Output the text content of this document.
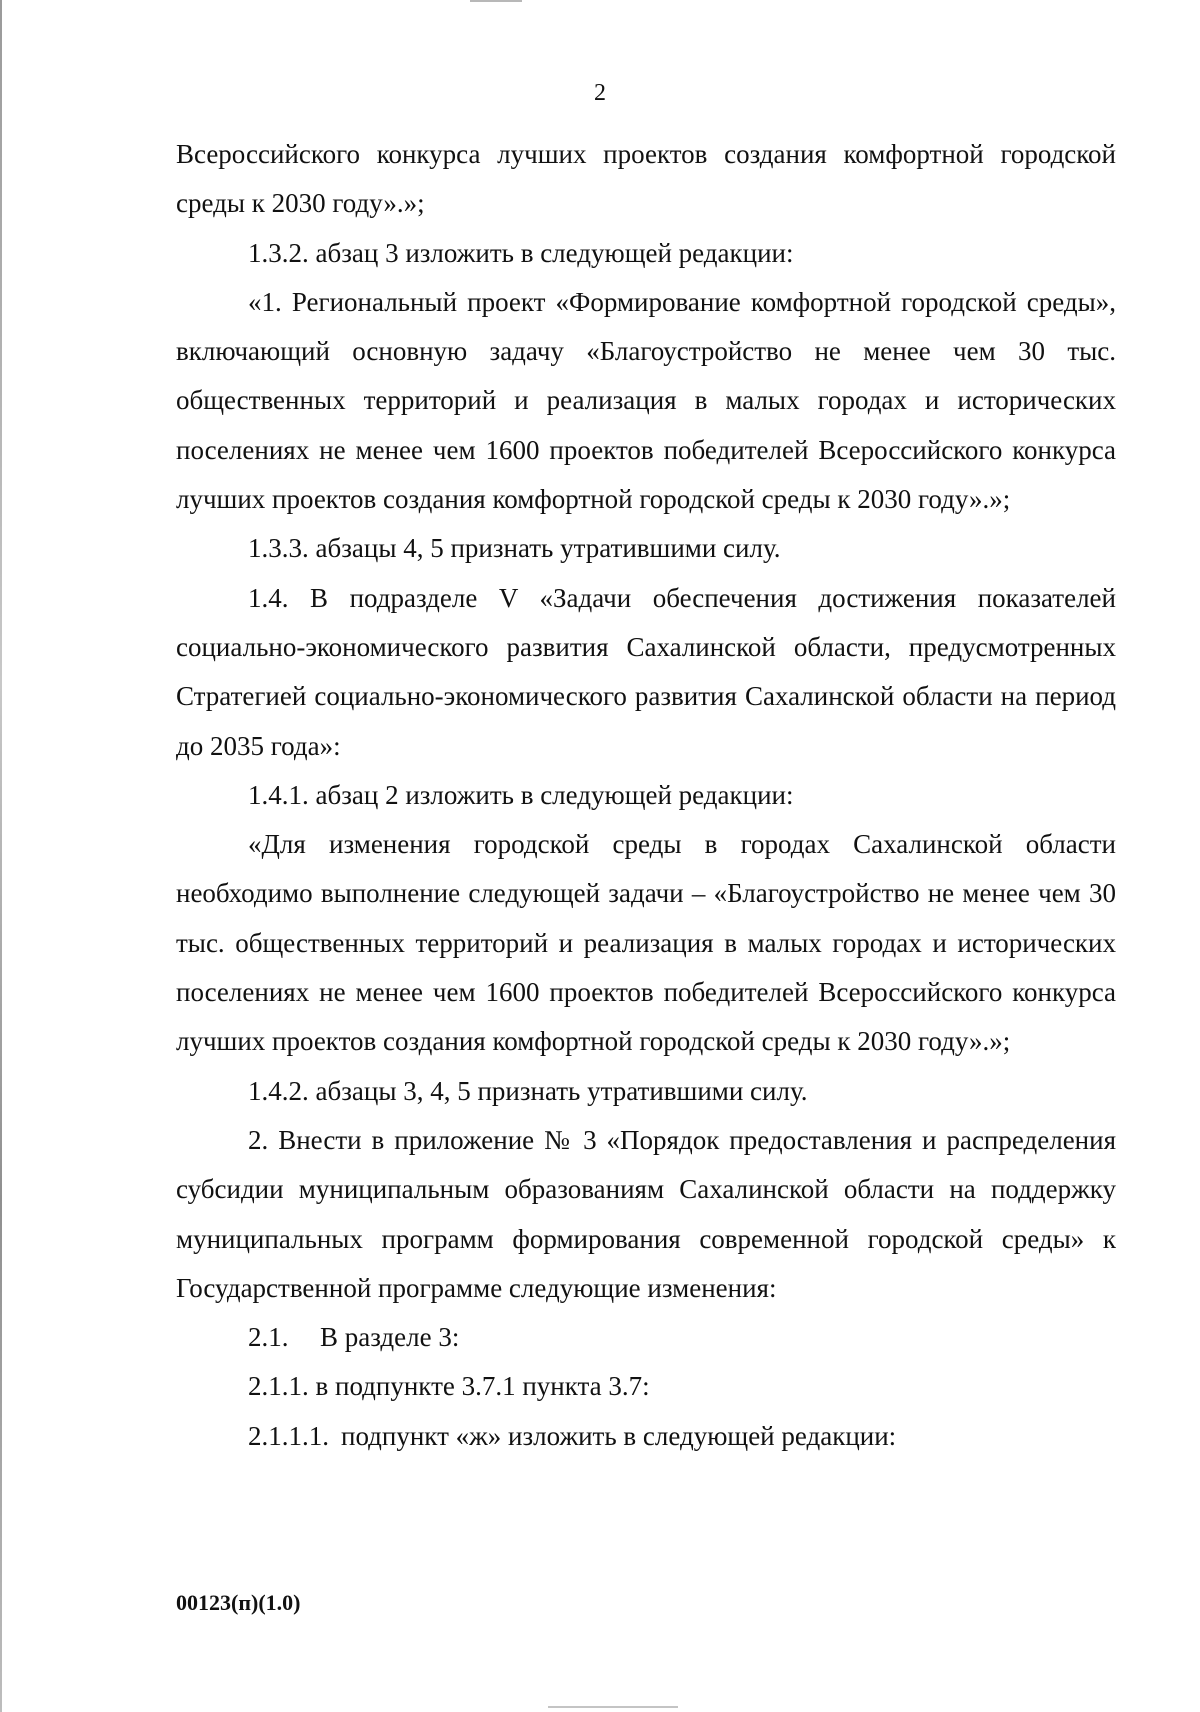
2

Всероссийского конкурса лучших проектов создания комфортной городской среды к 2030 году».»;

1.3.2. абзац 3 изложить в следующей редакции:

«1. Региональный проект «Формирование комфортной городской среды», включающий основную задачу «Благоустройство не менее чем 30 тыс. общественных территорий и реализация в малых городах и исторических поселениях не менее чем 1600 проектов победителей Всероссийского конкурса лучших проектов создания комфортной городской среды к 2030 году».»;

1.3.3. абзацы 4, 5 признать утратившими силу.

1.4. В подразделе V «Задачи обеспечения достижения показателей социально-экономического развития Сахалинской области, предусмотренных Стратегией социально-экономического развития Сахалинской области на период до 2035 года»:

1.4.1. абзац 2 изложить в следующей редакции:

«Для изменения городской среды в городах Сахалинской области необходимо выполнение следующей задачи – «Благоустройство не менее чем 30 тыс. общественных территорий и реализация в малых городах и исторических поселениях не менее чем 1600 проектов победителей Всероссийского конкурса лучших проектов создания комфортной городской среды к 2030 году».»;

1.4.2. абзацы 3, 4, 5 признать утратившими силу.

2. Внести в приложение № 3 «Порядок предоставления и распределения субсидии муниципальным образованиям Сахалинской области на поддержку муниципальных программ формирования современной городской среды» к Государственной программе следующие изменения:

2.1.	В разделе 3:

2.1.1. в подпункте 3.7.1 пункта 3.7:

2.1.1.1. подпункт «ж» изложить в следующей редакции:
00123(п)(1.0)
